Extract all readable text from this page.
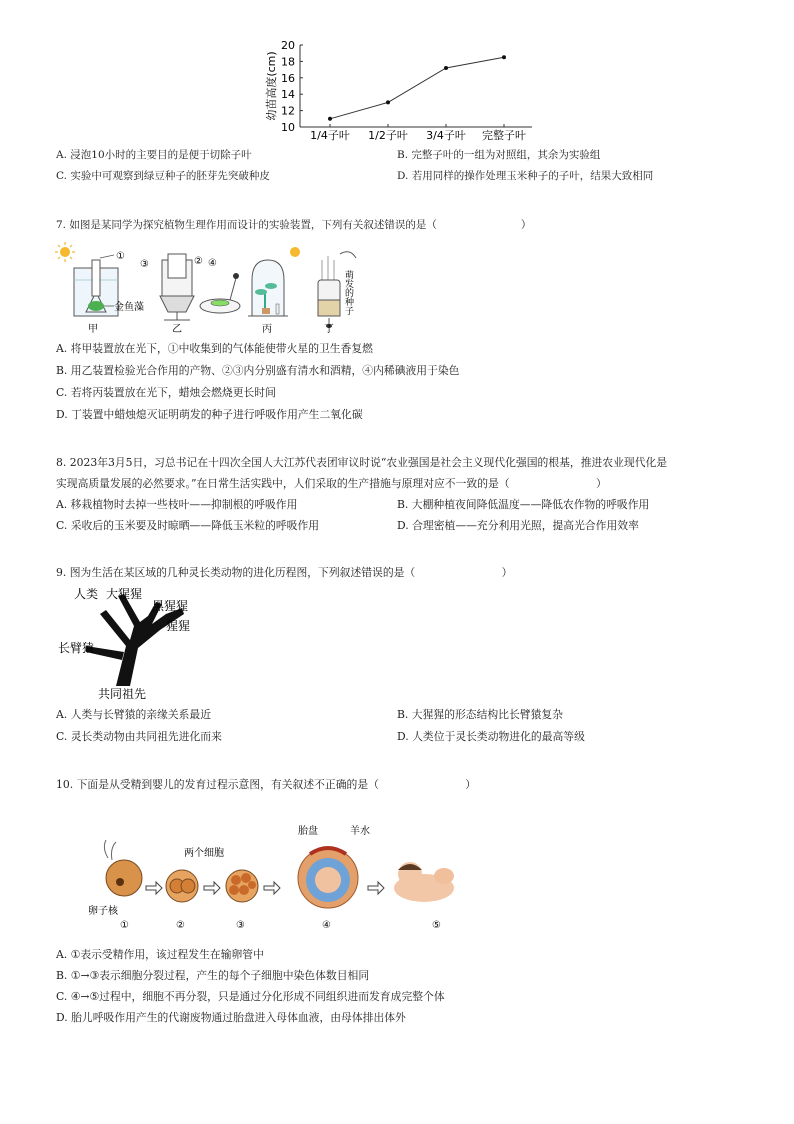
幼苗高度(cm)
10
12
14
16
18
20
1/4子叶 1/2子叶 3/4子叶 完整子叶
A. 浸泡10小时的主要目的是便于切除子叶	B. 完整子叶的一组为对照组，其余为实验组
C. 实验中可观察到绿豆种子的胚芽先突破种皮	D. 若用同样的操作处理玉米种子的子叶，结果大致相同
7. 如图是某同学为探究植物生理作用而设计的实验装置，下列有关叙述错误的是（　　　　　　　　）
①
金鱼藻
甲
③	②
乙
④
丙
萌发的种子
丁
A. 将甲装置放在光下，①中收集到的气体能使带火星的卫生香复燃
B. 用乙装置检验光合作用的产物、②③内分别盛有清水和酒精，④内稀碘液用于染色
C. 若将丙装置放在光下，蜡烛会燃烧更长时间
D. 丁装置中蜡烛熄灭证明萌发的种子进行呼吸作用产生二氧化碳
8. 2023年3月5日，习总书记在十四次全国人大江苏代表团审议时说“农业强国是社会主义现代化强国的根基，推进农业现代化是
实现高质量发展的必然要求。”在日常生活实践中，人们采取的生产措施与原理对应不一致的是（　　　　　　　　）
A. 移栽植物时去掉一些枝叶——抑制根的呼吸作用	B. 大棚种植夜间降低温度——降低农作物的呼吸作用
C. 采收后的玉米要及时晾晒——降低玉米粒的呼吸作用	D. 合理密植——充分利用光照，提高光合作用效率
9. 图为生活在某区域的几种灵长类动物的进化历程图，下列叙述错误的是（　　　　　　　　）
人类 大猩猩
黑猩猩
猩猩
长臂猿
共同祖先
A. 人类与长臂猿的亲缘关系最近	B. 大猩猩的形态结构比长臂猿复杂
C. 灵长类动物由共同祖先进化而来	D. 人类位于灵长类动物进化的最高等级
10. 下面是从受精到婴儿的发育过程示意图，有关叙述不正确的是（　　　　　　　　）
卵子核
①
两个细胞
②	③
胎盘	羊水
④	⑤
A. ①表示受精作用，该过程发生在输卵管中
B. ①→③表示细胞分裂过程，产生的每个子细胞中染色体数目相同
C. ④→⑤过程中，细胞不再分裂，只是通过分化形成不同组织进而发育成完整个体
D. 胎儿呼吸作用产生的代谢废物通过胎盘进入母体血液，由母体排出体外
